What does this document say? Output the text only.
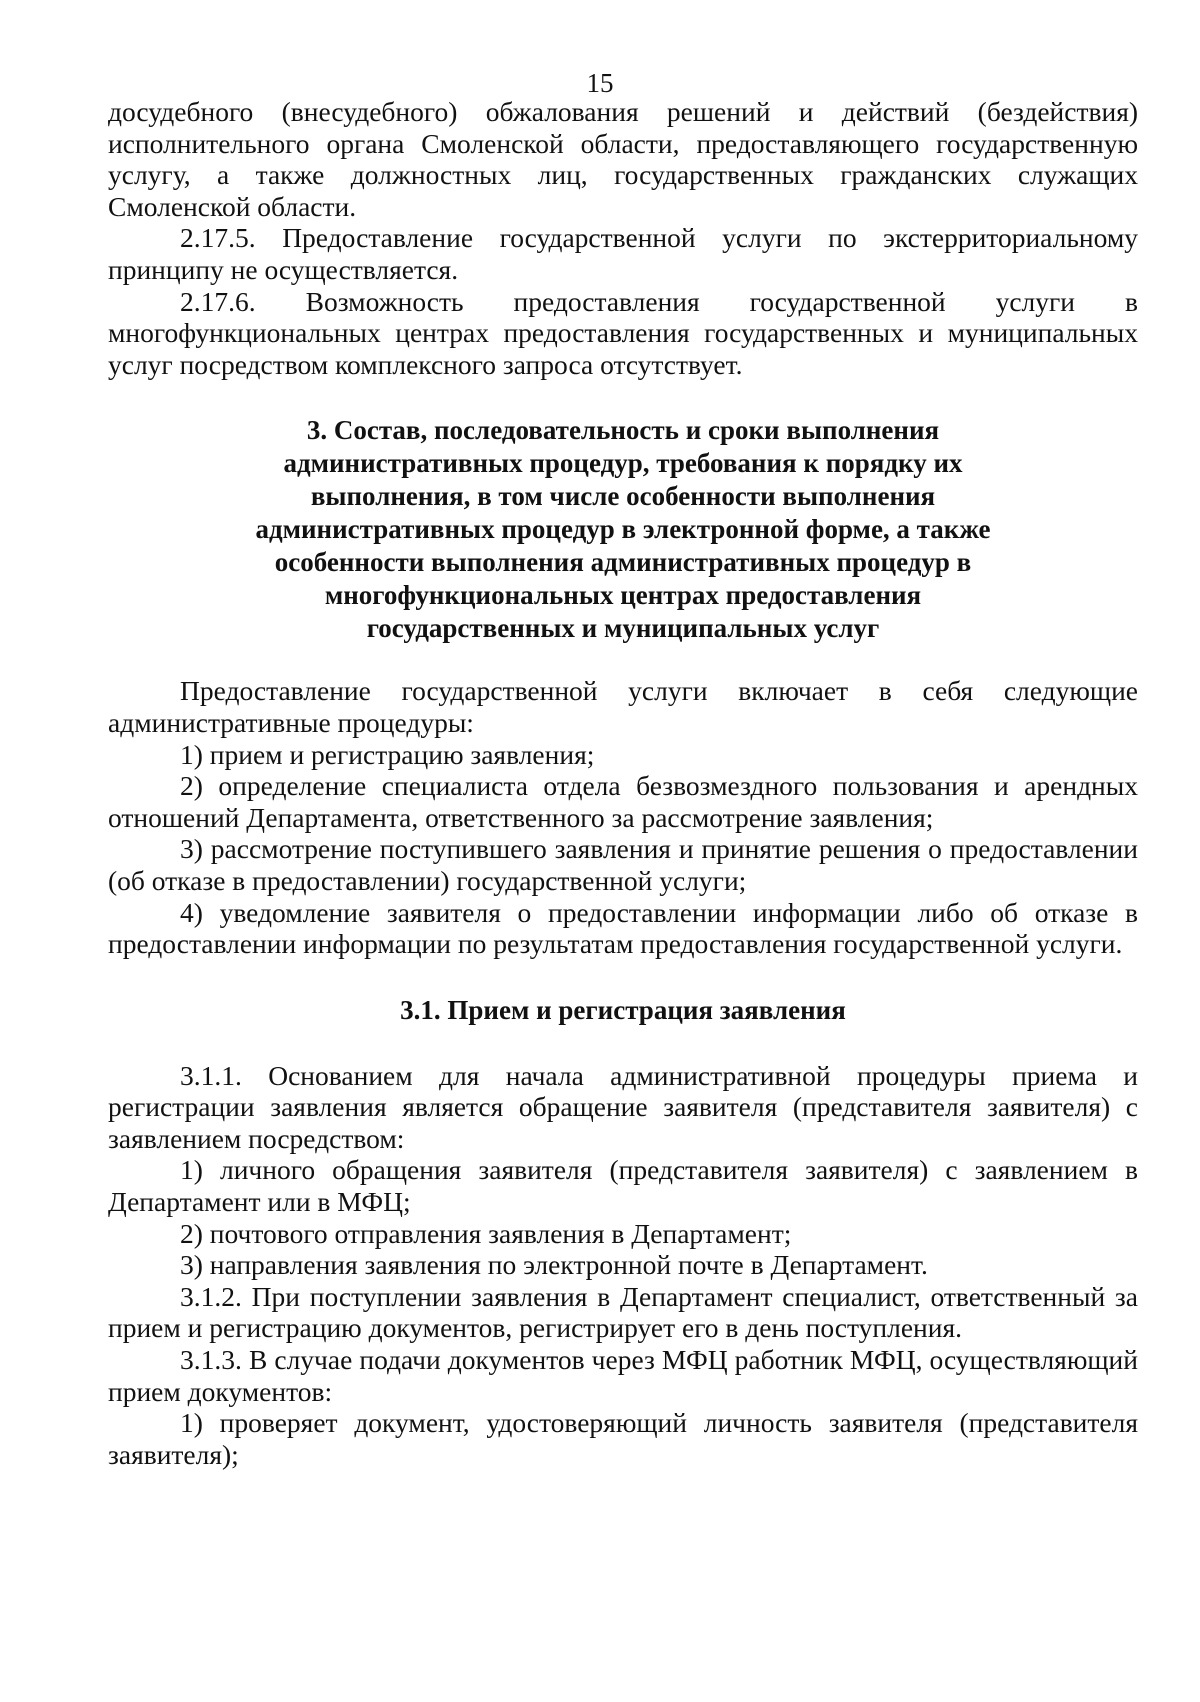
15

досудебного (внесудебного) обжалования решений и действий (бездействия) исполнительного органа Смоленской области, предоставляющего государственную услугу, а также должностных лиц, государственных гражданских служащих Смоленской области.

2.17.5. Предоставление государственной услуги по экстерриториальному принципу не осуществляется.

2.17.6. Возможность предоставления государственной услуги в многофункциональных центрах предоставления государственных и муниципальных услуг посредством комплексного запроса отсутствует.

3. Состав, последовательность и сроки выполнения административных процедур, требования к порядку их выполнения, в том числе особенности выполнения административных процедур в электронной форме, а также особенности выполнения административных процедур в многофункциональных центрах предоставления государственных и муниципальных услуг

Предоставление государственной услуги включает в себя следующие административные процедуры:

1) прием и регистрацию заявления;

2) определение специалиста отдела безвозмездного пользования и арендных отношений Департамента, ответственного за рассмотрение заявления;

3) рассмотрение поступившего заявления и принятие решения о предоставлении (об отказе в предоставлении) государственной услуги;

4) уведомление заявителя о предоставлении информации либо об отказе в предоставлении информации по результатам предоставления государственной услуги.

3.1. Прием и регистрация заявления

3.1.1. Основанием для начала административной процедуры приема и регистрации заявления является обращение заявителя (представителя заявителя) с заявлением посредством:

1) личного обращения заявителя (представителя заявителя) с заявлением в Департамент или в МФЦ;

2) почтового отправления заявления в Департамент;

3) направления заявления по электронной почте в Департамент.

3.1.2. При поступлении заявления в Департамент специалист, ответственный за прием и регистрацию документов, регистрирует его в день поступления.

3.1.3. В случае подачи документов через МФЦ работник МФЦ, осуществляющий прием документов:

1) проверяет документ, удостоверяющий личность заявителя (представителя заявителя);
